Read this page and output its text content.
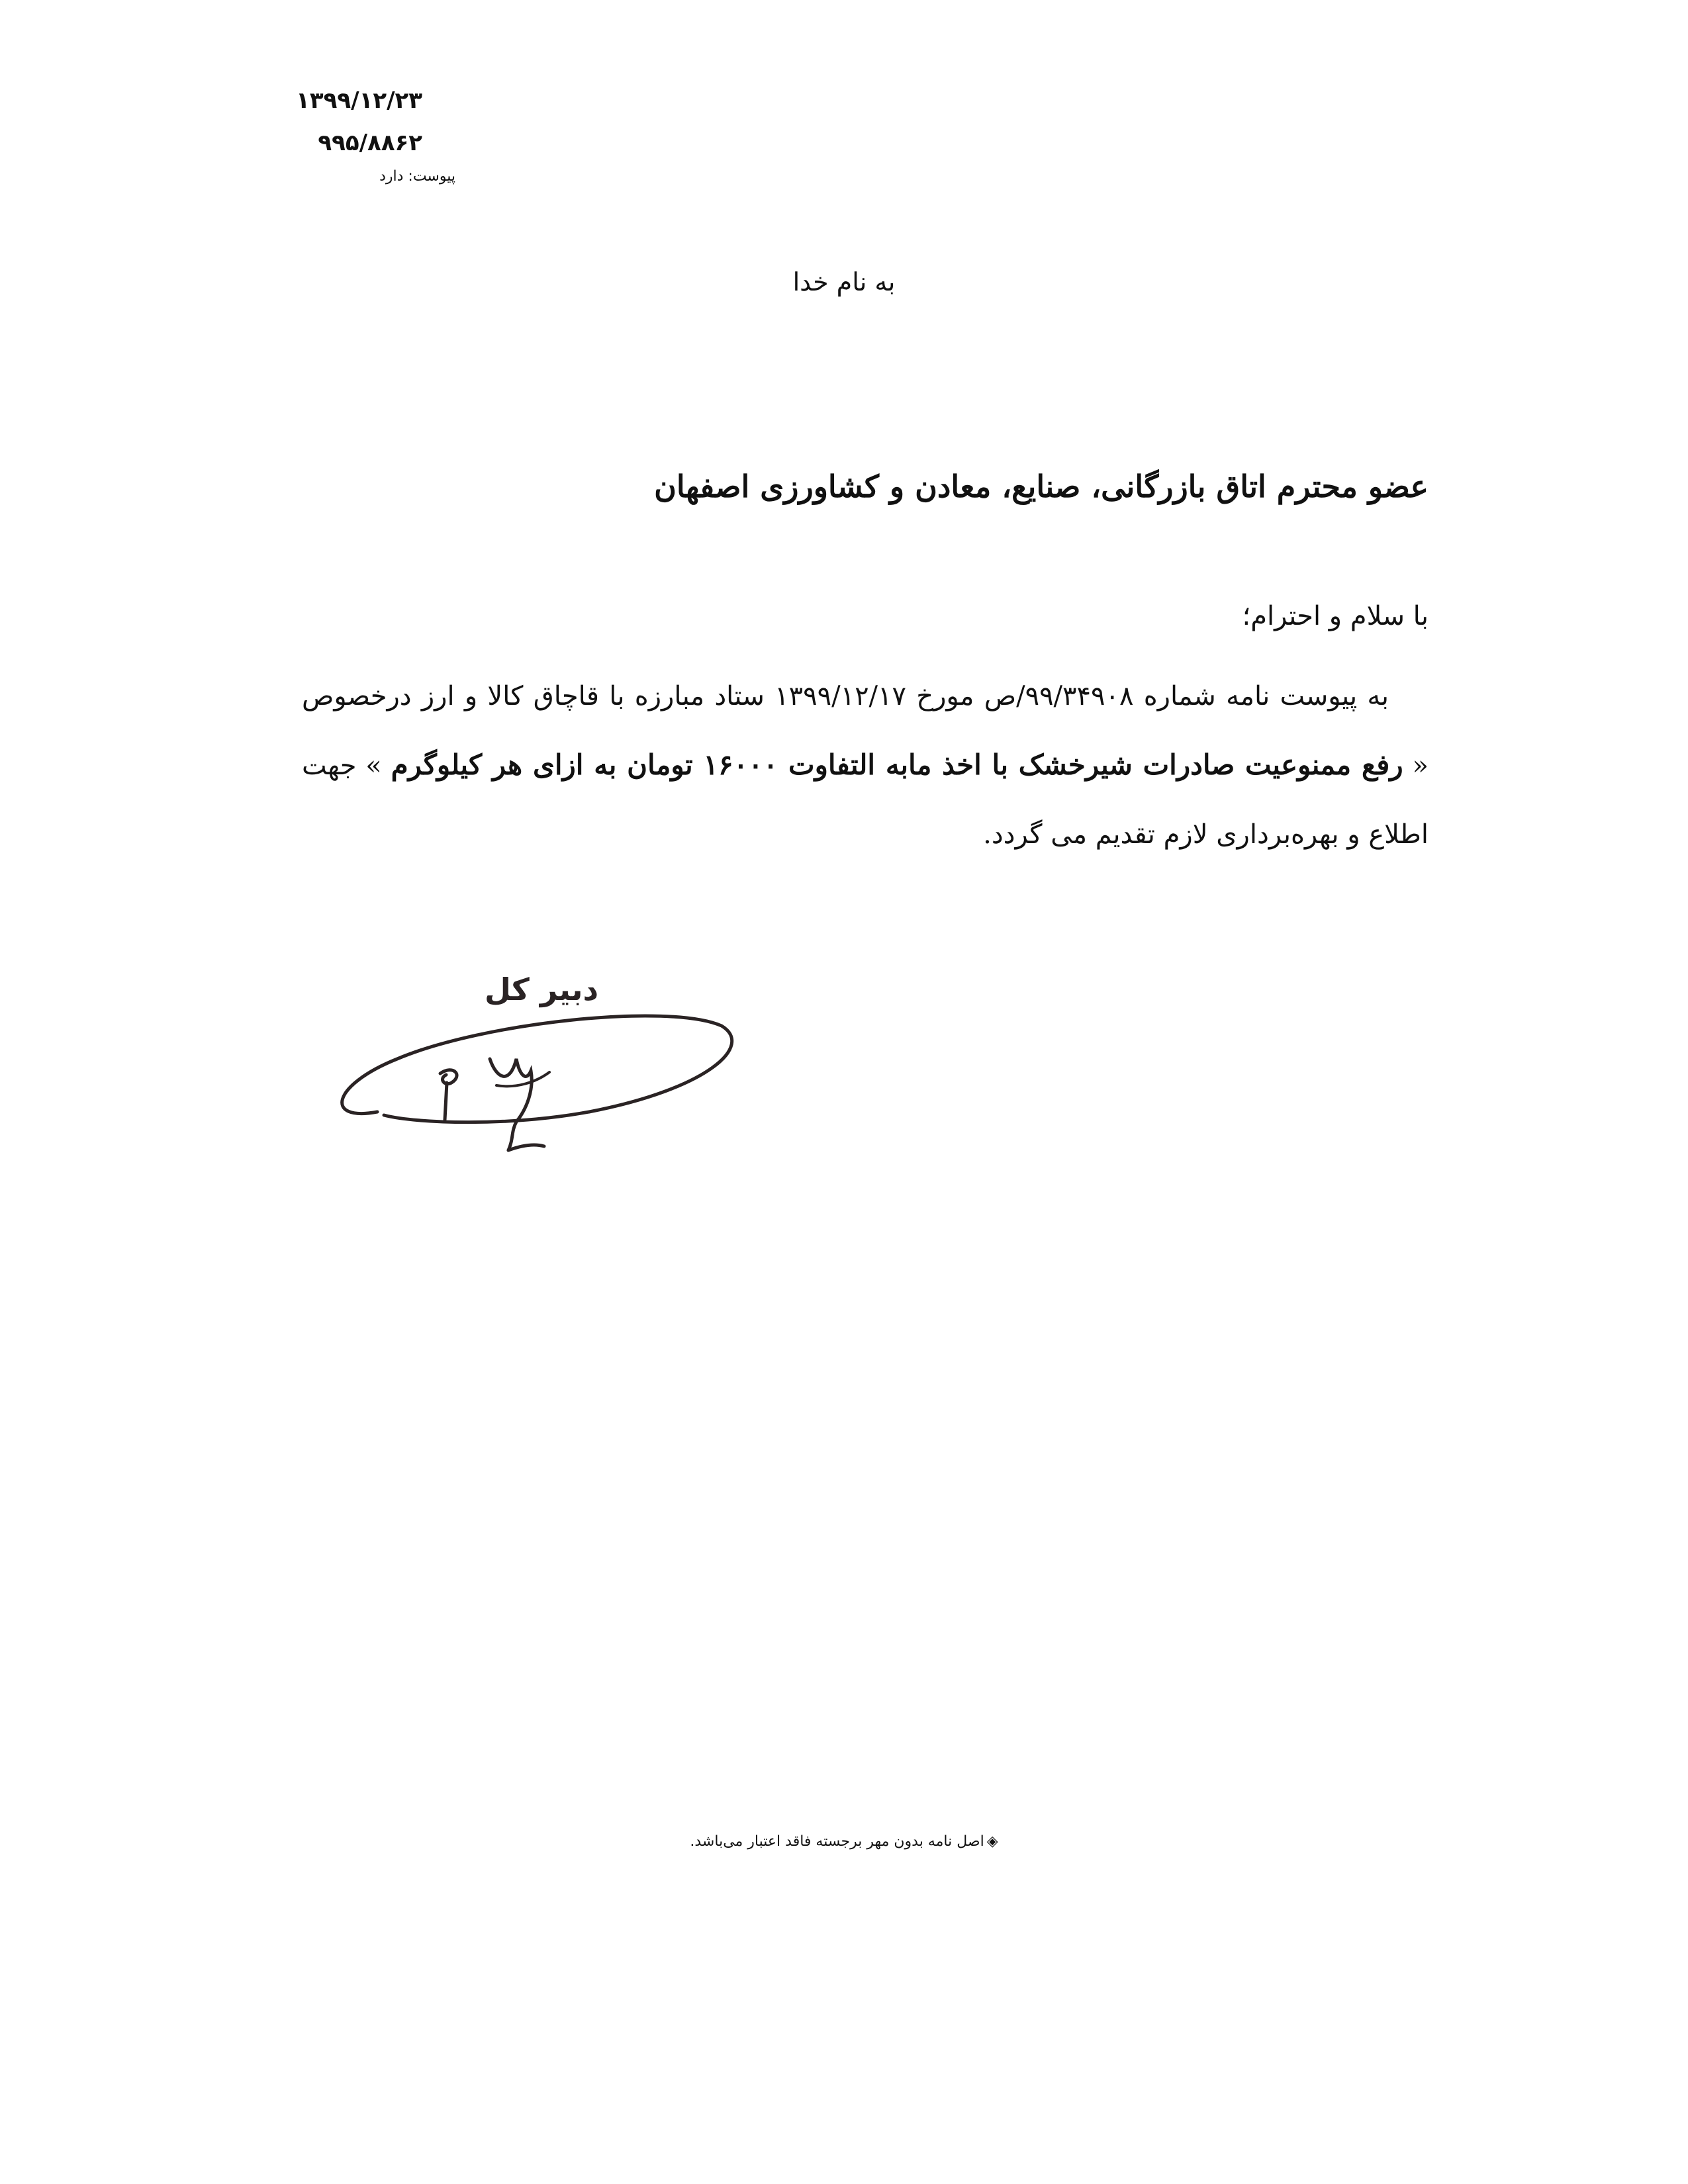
۱۳۹۹/۱۲/۲۳
۹۹۵/۸۸۶۲
پیوست: دارد
به نام خدا
عضو محترم اتاق بازرگانی، صنایع، معادن و کشاورزی اصفهان
با سلام و احترام؛
به پیوست نامه شماره ۹۹/۳۴۹۰۸/ص مورخ ۱۳۹۹/۱۲/۱۷ ستاد مبارزه با قاچاق کالا و ارز درخصوص « رفع ممنوعیت صادرات شیرخشک با اخذ مابه التفاوت ۱۶۰۰۰ تومان به ازای هر کیلوگرم » جهت اطلاع و بهره‌برداری لازم تقدیم می گردد.
دبیر کل
◈اصل نامه بدون مهر برجسته فاقد اعتبار می‌باشد.
